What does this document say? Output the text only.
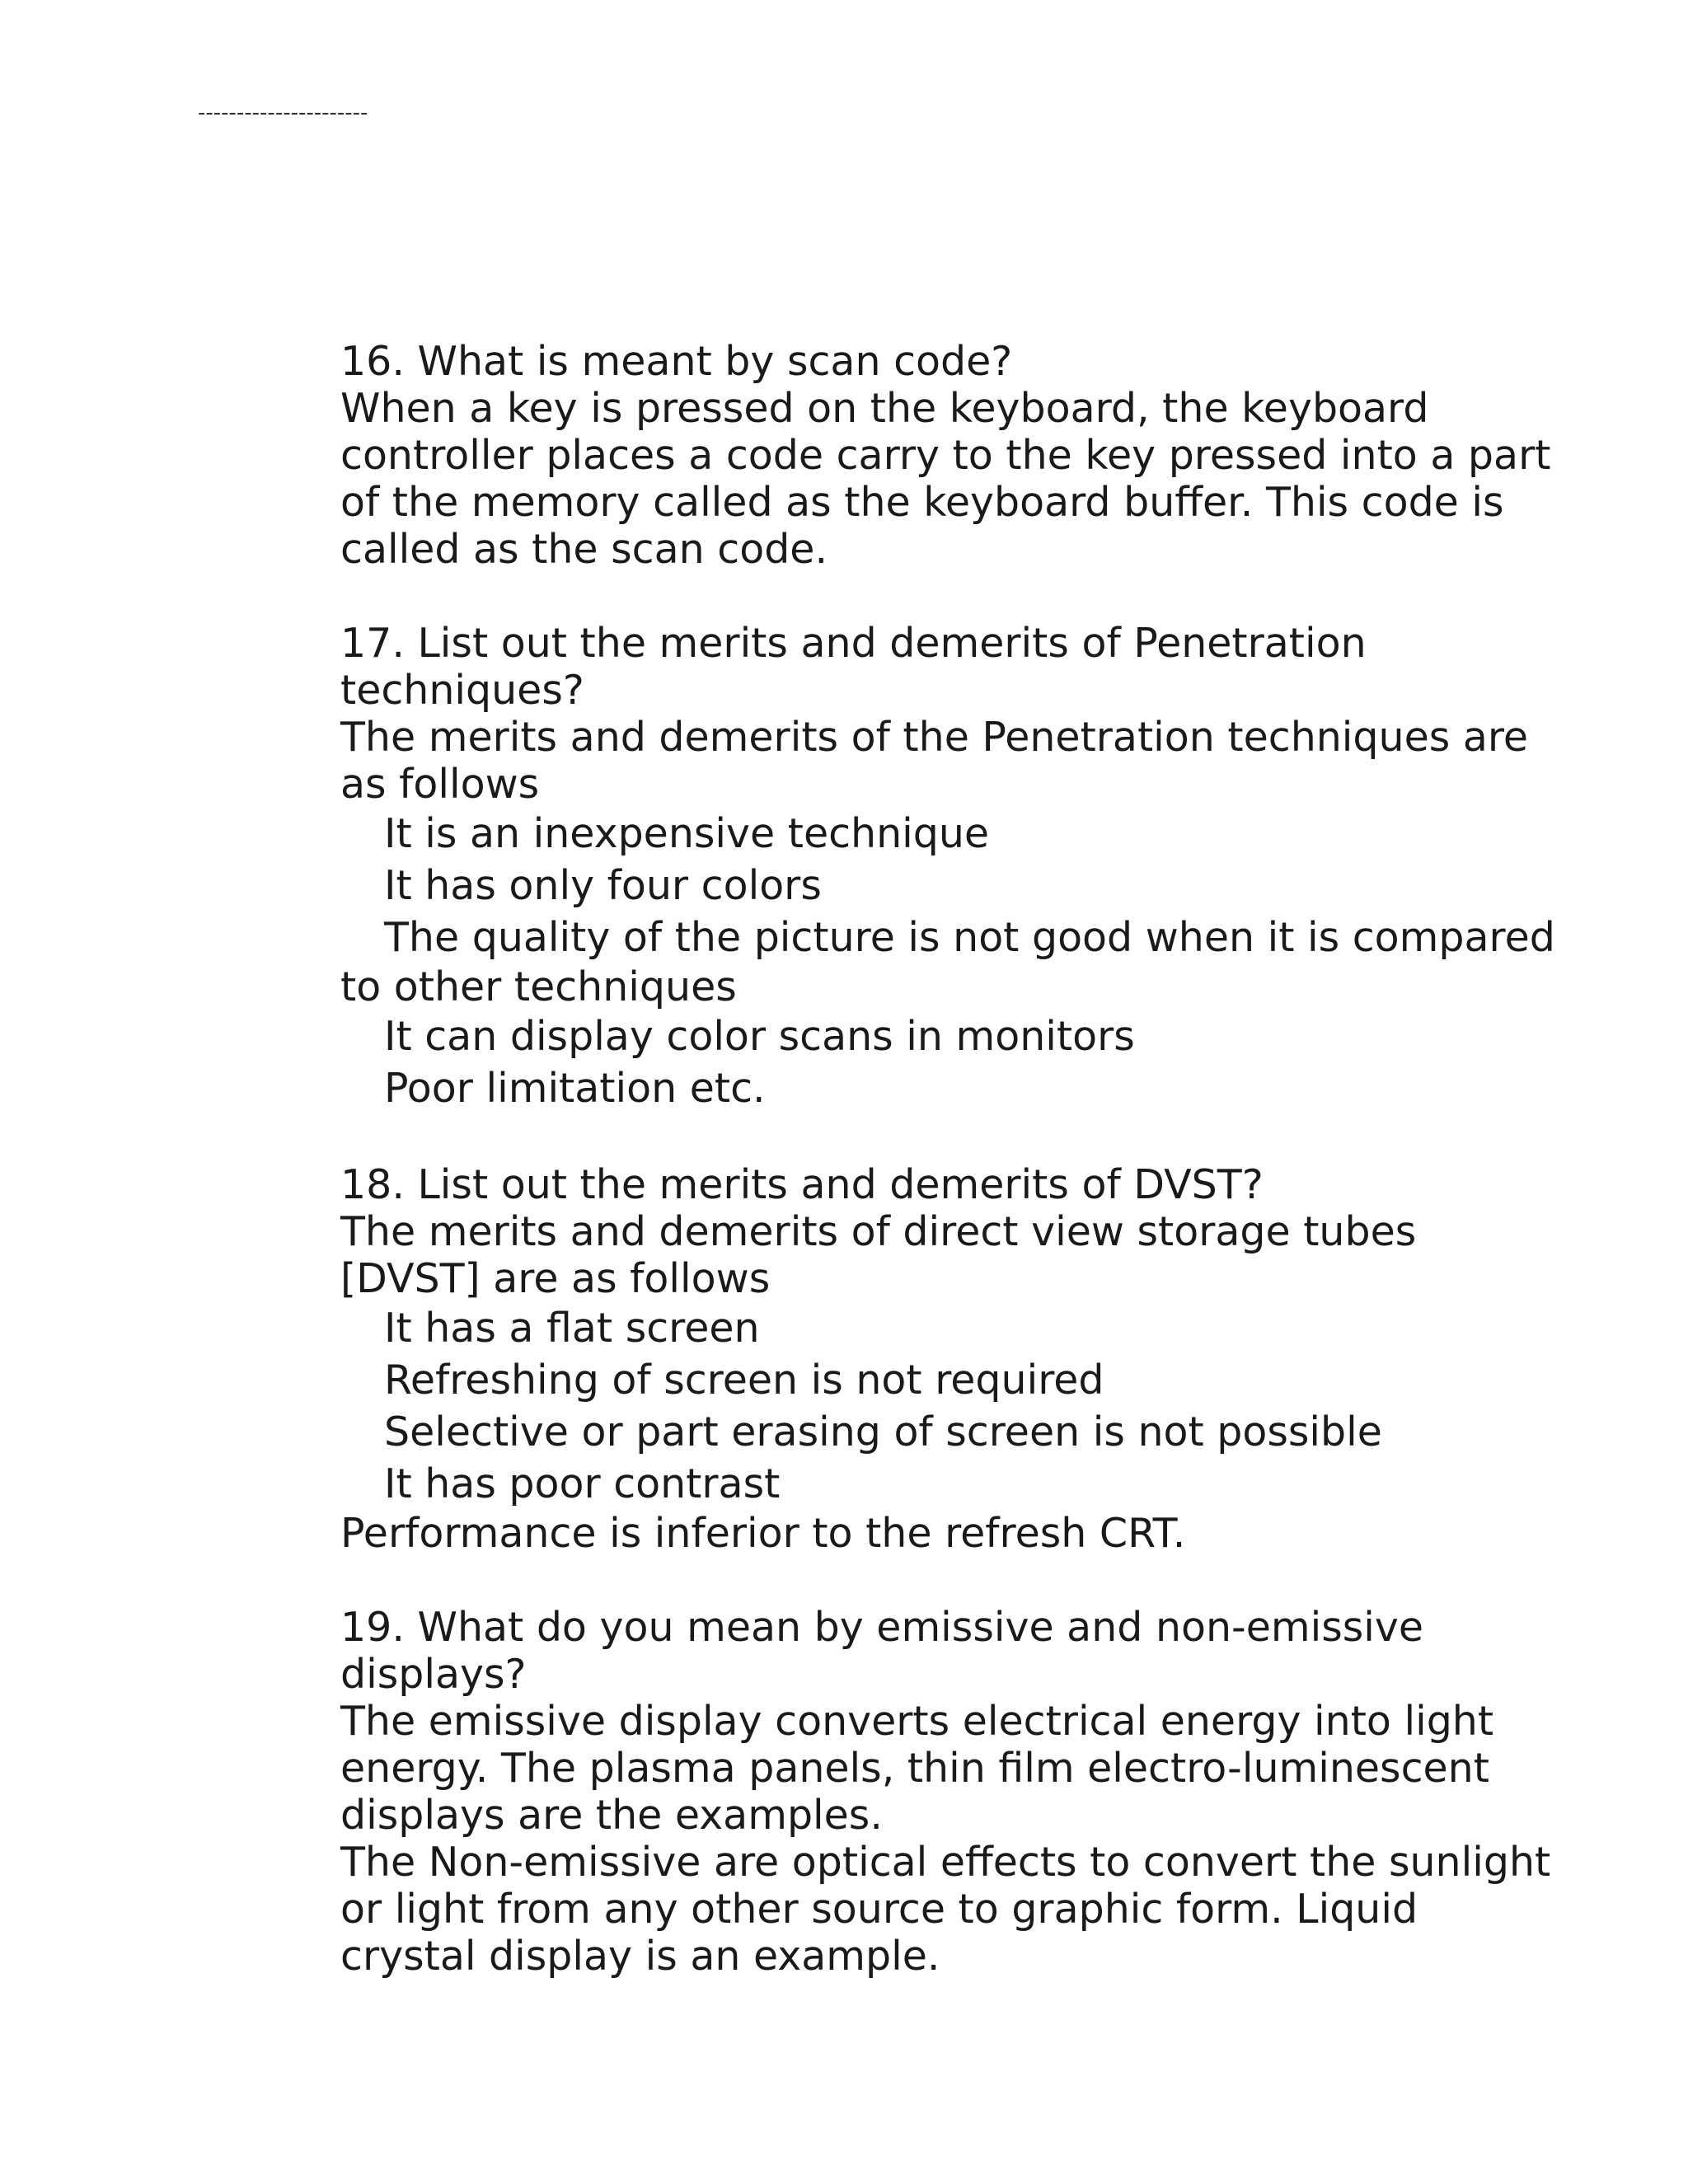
----------------------
16. What is meant by scan code?
When a key is pressed on the keyboard, the keyboard
controller places a code carry to the key pressed into a part
of the memory called as the keyboard buffer. This code is
called as the scan code.
17. List out the merits and demerits of Penetration
techniques?
The merits and demerits of the Penetration techniques are
as follows
It is an inexpensive technique
It has only four colors
The quality of the picture is not good when it is compared
to other techniques
It can display color scans in monitors
Poor limitation etc.
18. List out the merits and demerits of DVST?
The merits and demerits of direct view storage tubes
[DVST] are as follows
It has a flat screen
Refreshing of screen is not required
Selective or part erasing of screen is not possible
It has poor contrast
Performance is inferior to the refresh CRT.
19. What do you mean by emissive and non-emissive
displays?
The emissive display converts electrical energy into light
energy. The plasma panels, thin film electro-luminescent
displays are the examples.
The Non-emissive are optical effects to convert the sunlight
or light from any other source to graphic form. Liquid
crystal display is an example.
